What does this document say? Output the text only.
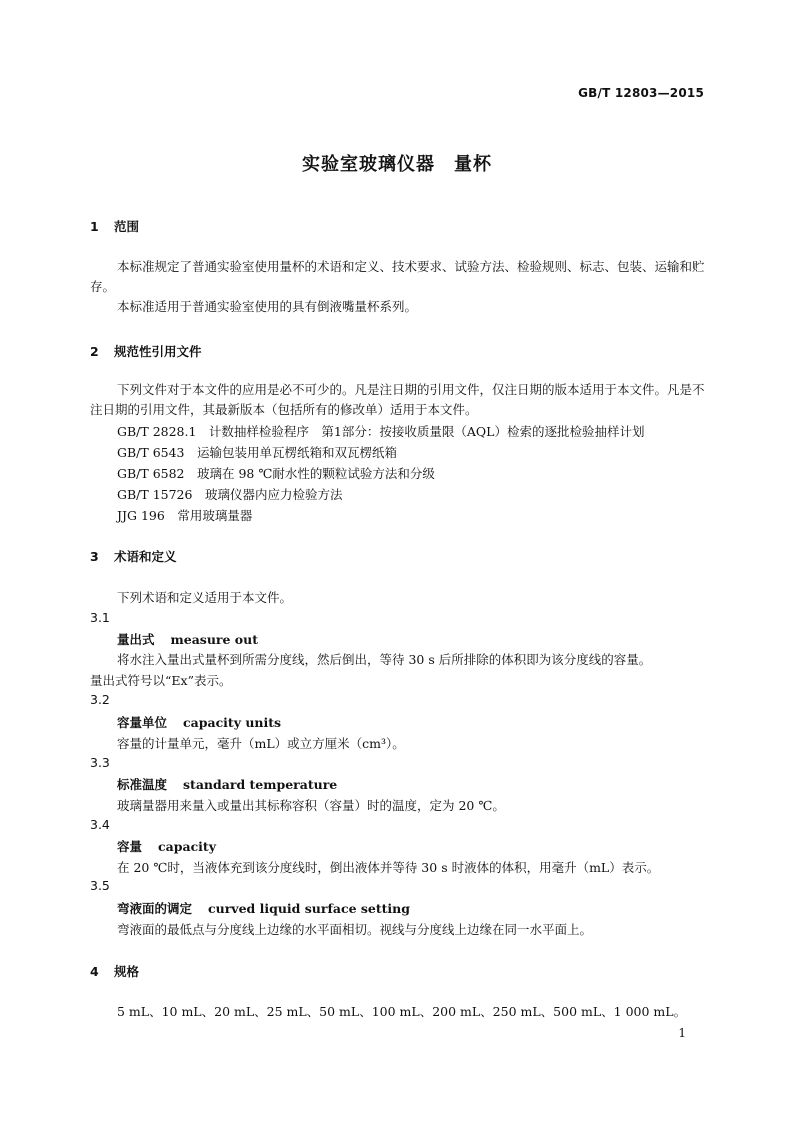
GB/T 12803—2015
实验室玻璃仪器　量杯
1 范围
本标准规定了普通实验室使用量杯的术语和定义、技术要求、试验方法、检验规则、标志、包装、运输和贮存。
本标准适用于普通实验室使用的具有倒液嘴量杯系列。
2 规范性引用文件
下列文件对于本文件的应用是必不可少的。凡是注日期的引用文件，仅注日期的版本适用于本文件。凡是不注日期的引用文件，其最新版本（包括所有的修改单）适用于本文件。
GB/T 2828.1　计数抽样检验程序　第1部分：按接收质量限（AQL）检索的逐批检验抽样计划
GB/T 6543　运输包装用单瓦楞纸箱和双瓦楞纸箱
GB/T 6582　玻璃在 98 ℃耐水性的颗粒试验方法和分级
GB/T 15726　玻璃仪器内应力检验方法
JJG 196　常用玻璃量器
3 术语和定义
下列术语和定义适用于本文件。
3.1
量出式 measure out
将水注入量出式量杯到所需分度线，然后倒出，等待 30 s 后所排除的体积即为该分度线的容量。
量出式符号以“Ex”表示。
3.2
容量单位 capacity units
容量的计量单元，毫升（mL）或立方厘米（cm³）。
3.3
标准温度 standard temperature
玻璃量器用来量入或量出其标称容积（容量）时的温度，定为 20 ℃。
3.4
容量 capacity
在 20 ℃时，当液体充到该分度线时，倒出液体并等待 30 s 时液体的体积，用毫升（mL）表示。
3.5
弯液面的调定 curved liquid surface setting
弯液面的最低点与分度线上边缘的水平面相切。视线与分度线上边缘在同一水平面上。
4 规格
5 mL、10 mL、20 mL、25 mL、50 mL、100 mL、200 mL、250 mL、500 mL、1 000 mL。
1
